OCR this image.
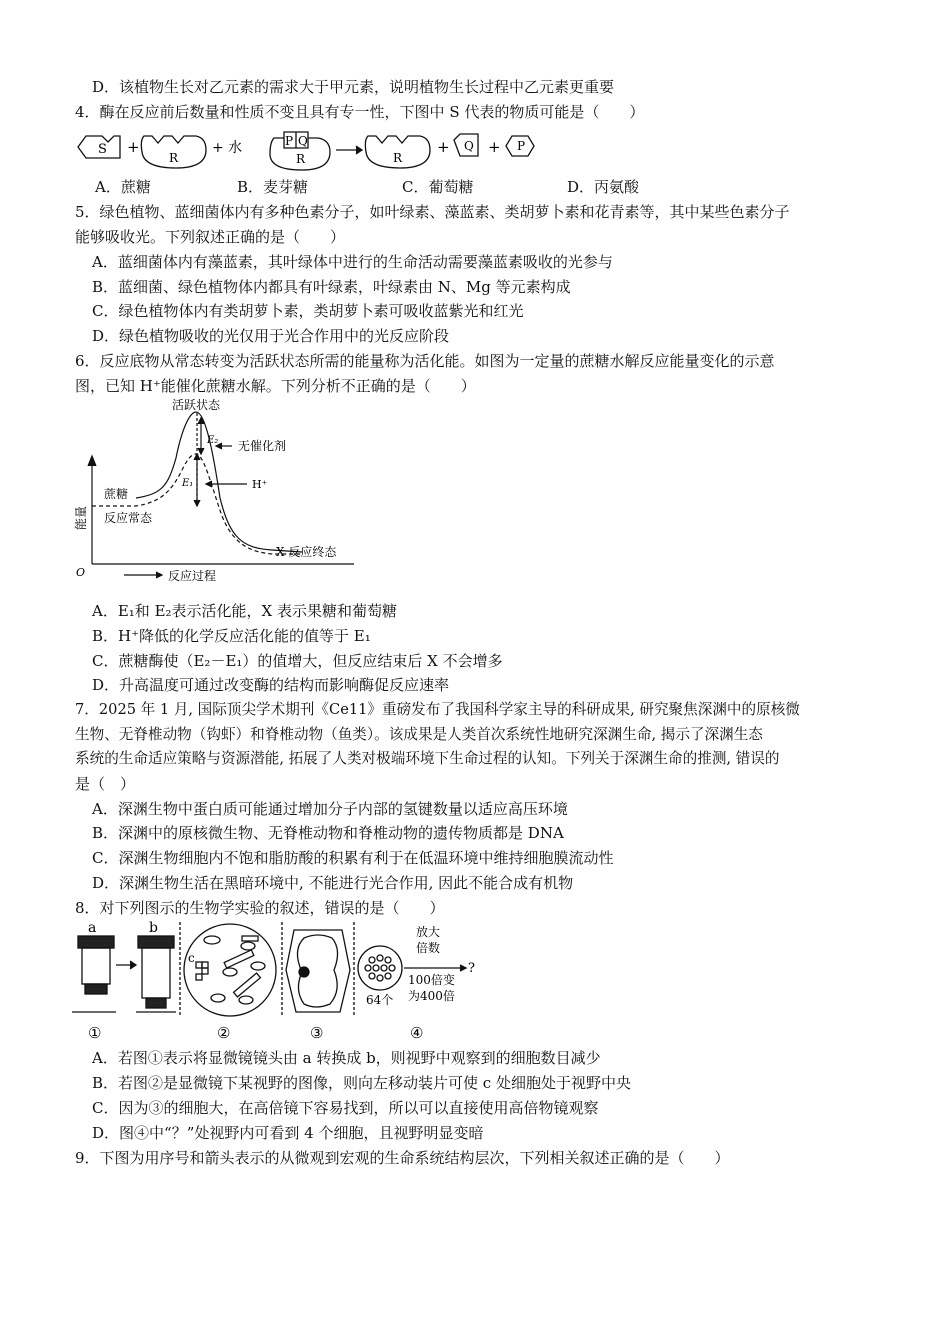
D．该植物生长对乙元素的需求大于甲元素，说明植物生长过程中乙元素更重要
4．酶在反应前后数量和性质不变且具有专一性，下图中 S 代表的物质可能是（　　）
S +
R
+ 水	P Q
R	R
+ Q + P
A．蔗糖	B．麦芽糖	C．葡萄糖	D．丙氨酸
5．绿色植物、蓝细菌体内有多种色素分子，如叶绿素、藻蓝素、类胡萝卜素和花青素等，其中某些色素分子
能够吸收光。下列叙述正确的是（　　）
A．蓝细菌体内有藻蓝素，其叶绿体中进行的生命活动需要藻蓝素吸收的光参与
B．蓝细菌、绿色植物体内都具有叶绿素，叶绿素由 N、Mg 等元素构成
C．绿色植物体内有类胡萝卜素，类胡萝卜素可吸收蓝紫光和红光
D．绿色植物吸收的光仅用于光合作用中的光反应阶段
6．反应底物从常态转变为活跃状态所需的能量称为活化能。如图为一定量的蔗糖水解反应能量变化的示意
图，已知 H⁺能催化蔗糖水解。下列分析不正确的是（　　）
活跃状态
无催化剂
E₂
E₁	H⁺
蔗糖
反应常态
X 反应终态
能量
反应过程
O
A．E₁和 E₂表示活化能，X 表示果糖和葡萄糖
B．H⁺降低的化学反应活化能的值等于 E₁
C．蔗糖酶使（E₂－E₁）的值增大，但反应结束后 X 不会增多
D．升高温度可通过改变酶的结构而影响酶促反应速率
7．2025 年 1 月, 国际顶尖学术期刊《Ce11》重磅发布了我国科学家主导的科研成果, 研究聚焦深渊中的原核微
生物、无脊椎动物（钩虾）和脊椎动物（鱼类）。该成果是人类首次系统性地研究深渊生命, 揭示了深渊生态
系统的生命适应策略与资源潜能, 拓展了人类对极端环境下生命过程的认知。下列关于深渊生命的推测, 错误的
是（　）
A．深渊生物中蛋白质可能通过增加分子内部的氢键数量以适应高压环境
B．深渊中的原核微生物、无脊椎动物和脊椎动物的遗传物质都是 DNA
C．深渊生物细胞内不饱和脂肪酸的积累有利于在低温环境中维持细胞膜流动性
D．深渊生物生活在黑暗环境中, 不能进行光合作用, 因此不能合成有机物
8．对下列图示的生物学实验的叙述，错误的是（　　）
a	b
c
①	②	③	④
放大
倍数
100倍变
为400倍
?
64个
A．若图①表示将显微镜镜头由 a 转换成 b，则视野中观察到的细胞数目减少
B．若图②是显微镜下某视野的图像，则向左移动装片可使 c 处细胞处于视野中央
C．因为③的细胞大，在高倍镜下容易找到，所以可以直接使用高倍物镜观察
D．图④中“？”处视野内可看到 4 个细胞，且视野明显变暗
9．下图为用序号和箭头表示的从微观到宏观的生命系统结构层次，下列相关叙述正确的是（　　）
